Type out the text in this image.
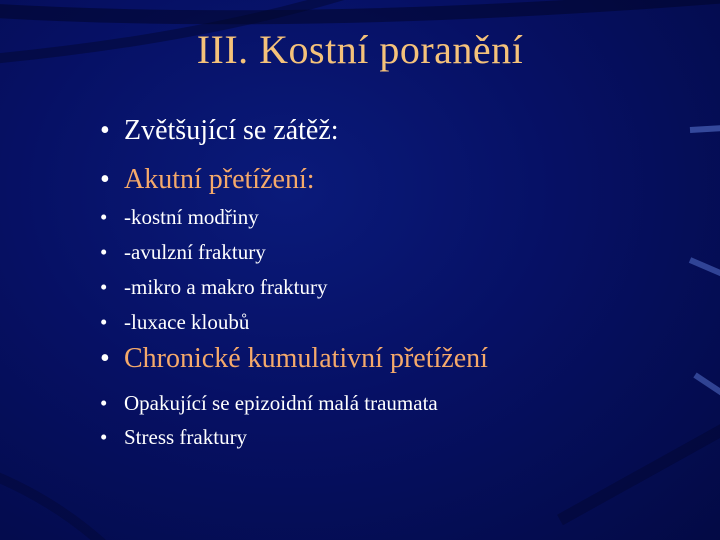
III. Kostní poranění
• Zvětšující se zátěž:
• Akutní přetížení:
• -kostní modřiny
• -avulzní fraktury
• -mikro a makro fraktury
• -luxace kloubů
• Chronické kumulativní přetížení
• Opakující se epizoidní malá traumata
• Stress fraktury
